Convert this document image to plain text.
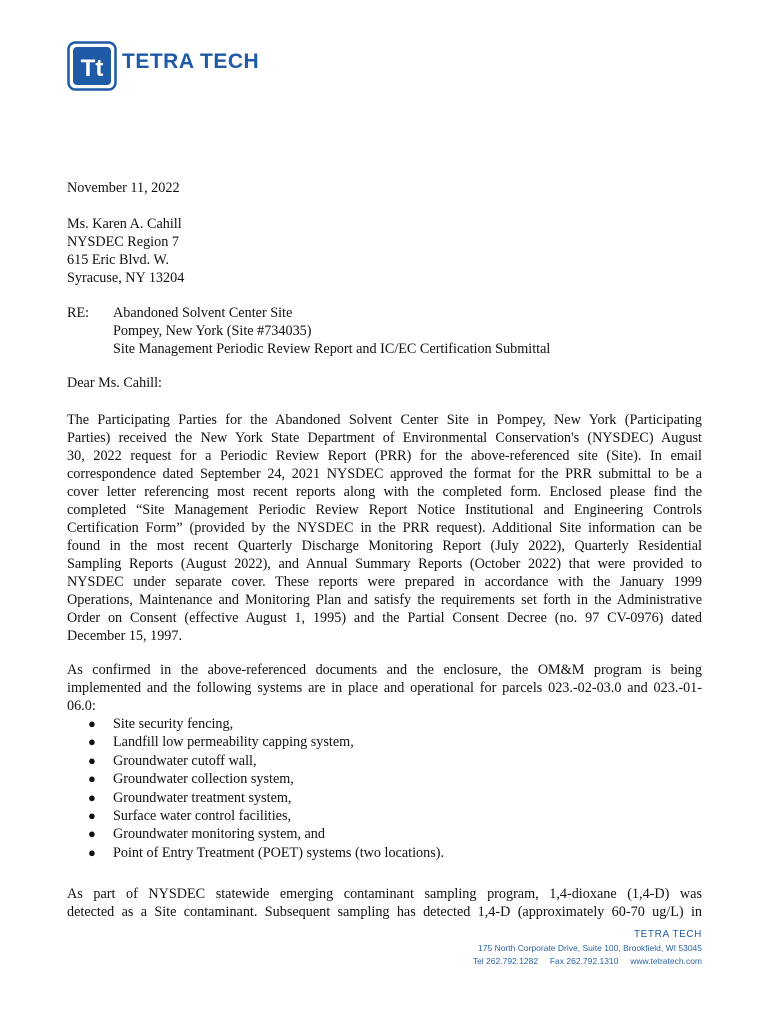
Tt TETRA TECH
November 11, 2022
Ms. Karen A. Cahill
NYSDEC Region 7
615 Eric Blvd. W.
Syracuse, NY 13204
RE: Abandoned Solvent Center Site
Pompey, New York (Site #734035)
Site Management Periodic Review Report and IC/EC Certification Submittal
Dear Ms. Cahill:
The Participating Parties for the Abandoned Solvent Center Site in Pompey, New York (Participating
Parties) received the New York State Department of Environmental Conservation's (NYSDEC) August
30, 2022 request for a Periodic Review Report (PRR) for the above-referenced site (Site). In email
correspondence dated September 24, 2021 NYSDEC approved the format for the PRR submittal to be a
cover letter referencing most recent reports along with the completed form. Enclosed please find the
completed “Site Management Periodic Review Report Notice Institutional and Engineering Controls
Certification Form” (provided by the NYSDEC in the PRR request). Additional Site information can be
found in the most recent Quarterly Discharge Monitoring Report (July 2022), Quarterly Residential
Sampling Reports (August 2022), and Annual Summary Reports (October 2022) that were provided to
NYSDEC under separate cover. These reports were prepared in accordance with the January 1999
Operations, Maintenance and Monitoring Plan and satisfy the requirements set forth in the Administrative
Order on Consent (effective August 1, 1995) and the Partial Consent Decree (no. 97 CV-0976) dated
December 15, 1997.
As confirmed in the above-referenced documents and the enclosure, the OM&M program is being
implemented and the following systems are in place and operational for parcels 023.-02-03.0 and 023.-01-
06.0:
●	Site security fencing,
●	Landfill low permeability capping system,
●	Groundwater cutoff wall,
●	Groundwater collection system,
●	Groundwater treatment system,
●	Surface water control facilities,
●	Groundwater monitoring system, and
●	Point of Entry Treatment (POET) systems (two locations).
As part of NYSDEC statewide emerging contaminant sampling program, 1,4-dioxane (1,4-D) was
detected as a Site contaminant. Subsequent sampling has detected 1,4-D (approximately 60-70 ug/L) in
TETRA TECH
175 North Corporate Drive, Suite 100, Brookfield, WI 53045
Tel 262.792.1282     Fax 262.792.1310     www.tetratech.com
